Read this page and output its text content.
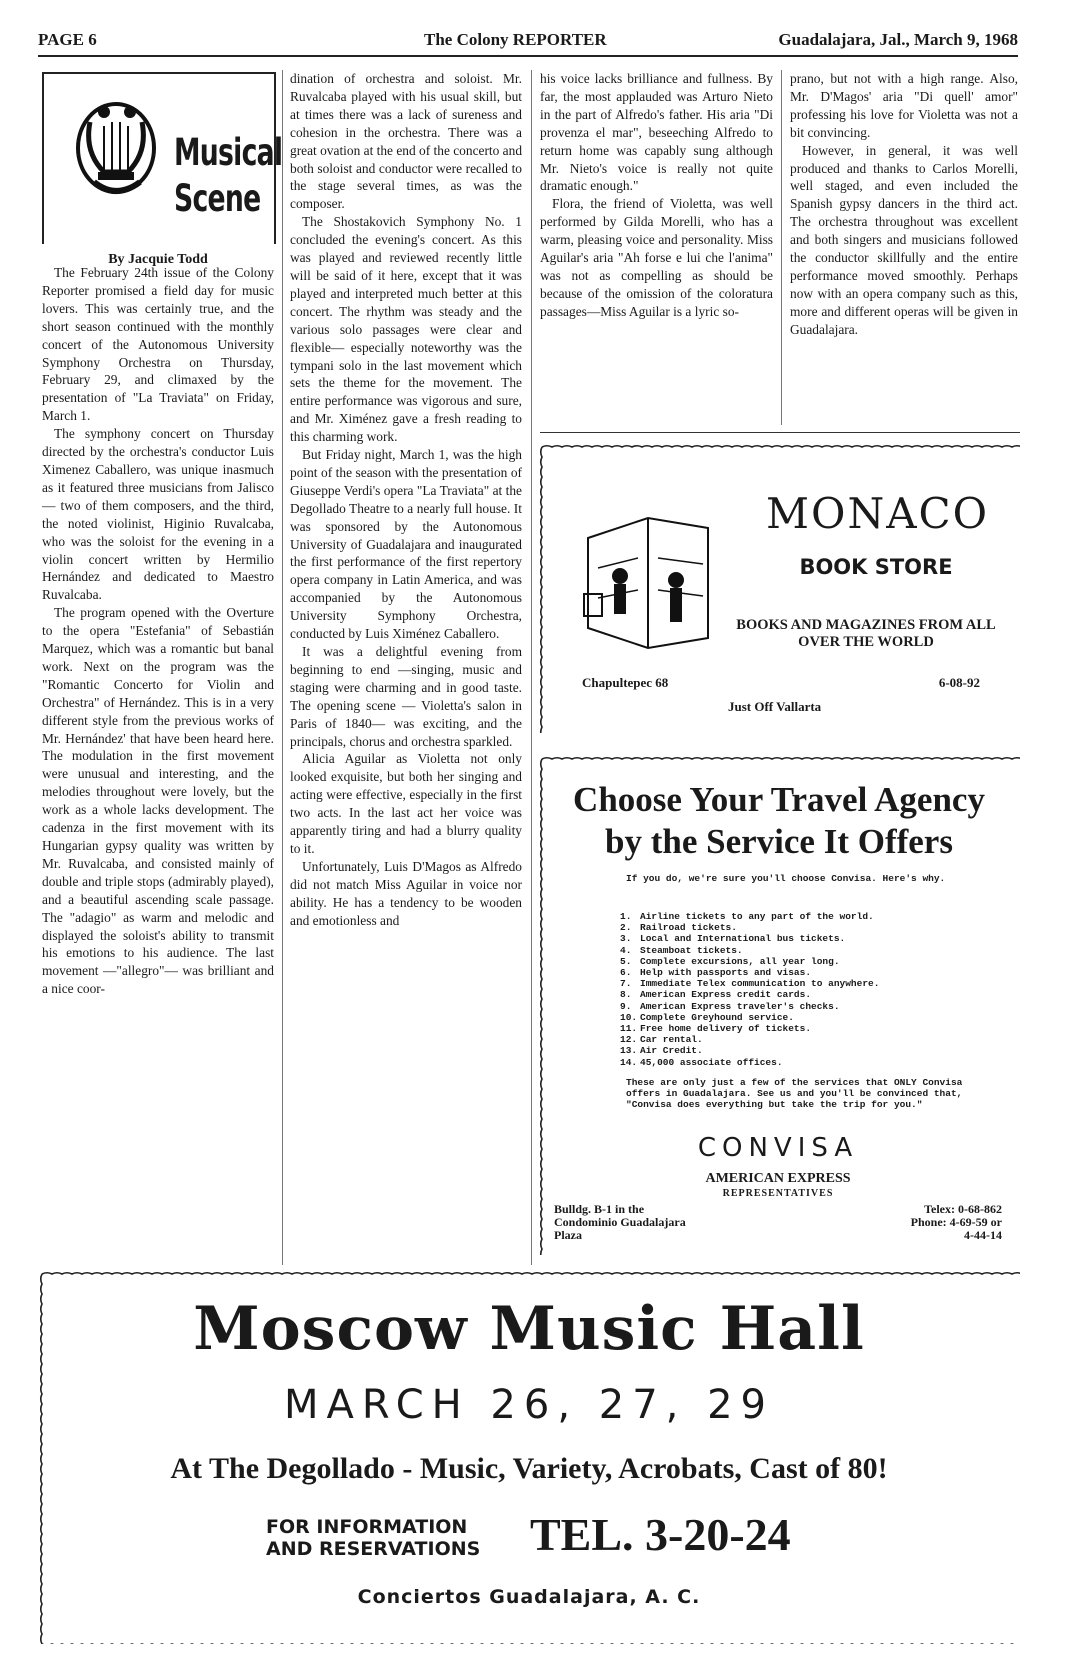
PAGE 6	The Colony REPORTER	Guadalajara, Jal., March 9, 1968
Musical
Scene
By Jacquie Todd

The February 24th issue of the Colony Reporter promised a field day for music lovers. This was certainly true, and the short season continued with the monthly concert of the Autonomous University Symphony Orchestra on Thursday, February 29, and climaxed by the presentation of "La Traviata" on Friday, March 1.

The symphony concert on Thursday directed by the orchestra's conductor Luis Ximenez Caballero, was unique inasmuch as it featured three musicians from Jalisco — two of them composers, and the third, the noted violinist, Higinio Ruvalcaba, who was the soloist for the evening in a violin concert written by Hermilio Hernández and dedicated to Maestro Ruvalcaba.

The program opened with the Overture to the opera "Estefania" of Sebastián Marquez, which was a romantic but banal work. Next on the program was the "Romantic Concerto for Violin and Orchestra" of Hernández. This is in a very different style from the previous works of Mr. Hernández' that have been heard here. The modulation in the first movement were unusual and interesting, and the melodies throughout were lovely, but the work as a whole lacks development. The cadenza in the first movement with its Hungarian gypsy quality was written by Mr. Ruvalcaba, and consisted mainly of double and triple stops (admirably played), and a beautiful ascending scale passage. The "adagio" as warm and melodic and displayed the soloist's ability to transmit his emotions to his audience. The last movement —"allegro"— was brilliant and a nice coor-

dination of orchestra and soloist. Mr. Ruvalcaba played with his usual skill, but at times there was a lack of sureness and cohesion in the orchestra. There was a great ovation at the end of the concerto and both soloist and conductor were recalled to the stage several times, as was the composer.

The Shostakovich Symphony No. 1 concluded the evening's concert. As this was played and reviewed recently little will be said of it here, except that it was played and interpreted much better at this concert. The rhythm was steady and the various solo passages were clear and flexible— especially noteworthy was the tympani solo in the last movement which sets the theme for the movement. The entire performance was vigorous and sure, and Mr. Ximénez gave a fresh reading to this charming work.

But Friday night, March 1, was the high point of the season with the presentation of Giuseppe Verdi's opera "La Traviata" at the Degollado Theatre to a nearly full house. It was sponsored by the Autonomous University of Guadalajara and inaugurated the first performance of the first repertory opera company in Latin America, and was accompanied by the Autonomous University Symphony Orchestra, conducted by Luis Ximénez Caballero.

It was a delightful evening from beginning to end —singing, music and staging were charming and in good taste. The opening scene — Violetta's salon in Paris of 1840— was exciting, and the principals, chorus and orchestra sparkled.

Alicia Aguilar as Violetta not only looked exquisite, but both her singing and acting were effective, especially in the first two acts. In the last act her voice was apparently tiring and had a blurry quality to it.

Unfortunately, Luis D'Magos as Alfredo did not match Miss Aguilar in voice nor ability. He has a tendency to be wooden and emotionless and

his voice lacks brilliance and fullness. By far, the most applauded was Arturo Nieto in the part of Alfredo's father. His aria "Di provenza el mar", beseeching Alfredo to return home was capably sung although Mr. Nieto's voice is really not quite dramatic enough."

Flora, the friend of Violetta, was well performed by Gilda Morelli, who has a warm, pleasing voice and personality. Miss Aguilar's aria "Ah forse e lui che l'anima" was not as compelling as should be because of the omission of the coloratura passages—Miss Aguilar is a lyric so-

prano, but not with a high range. Also, Mr. D'Magos' aria "Di quell' amor" professing his love for Violetta was not a bit convincing.

However, in general, it was well produced and thanks to Carlos Morelli, well staged, and even included the Spanish gypsy dancers in the third act. The orchestra throughout was excellent and both singers and musicians followed the conductor skillfully and the entire performance moved smoothly. Perhaps now with an opera company such as this, more and different operas will be given in Guadalajara.

MONACO
BOOK STORE
BOOKS AND MAGAZINES FROM ALL OVER THE WORLD
Chapultepec 68	6-08-92
Just Off Vallarta
Choose Your Travel Agency
by the Service It Offers
If you do, we're sure you'll choose Convisa. Here's why.
1. Airline tickets to any part of the world.
2. Railroad tickets.
3. Local and International bus tickets.
4. Steamboat tickets.
5. Complete excursions, all year long.
6. Help with passports and visas.
7. Immediate Telex communication to anywhere.
8. American Express credit cards.
9. American Express traveler's checks.
10. Complete Greyhound service.
11. Free home delivery of tickets.
12. Car rental.
13. Air Credit.
14. 45,000 associate offices.
These are only just a few of the services that ONLY Convisa offers in Guadalajara. See us and you'll be convinced that, "Convisa does everything but take the trip for you."
CONVISA
AMERICAN EXPRESS
REPRESENTATIVES
Bulldg. B-1 in the
Condominio Guadalajara
Plaza
Telex: 0-68-862
Phone: 4-69-59 or
4-44-14
Moscow Music Hall
MARCH 26, 27, 29
At The Degollado - Music, Variety, Acrobats, Cast of 80!
FOR INFORMATION
AND RESERVATIONS TEL. 3-20-24
Conciertos Guadalajara, A. C.
